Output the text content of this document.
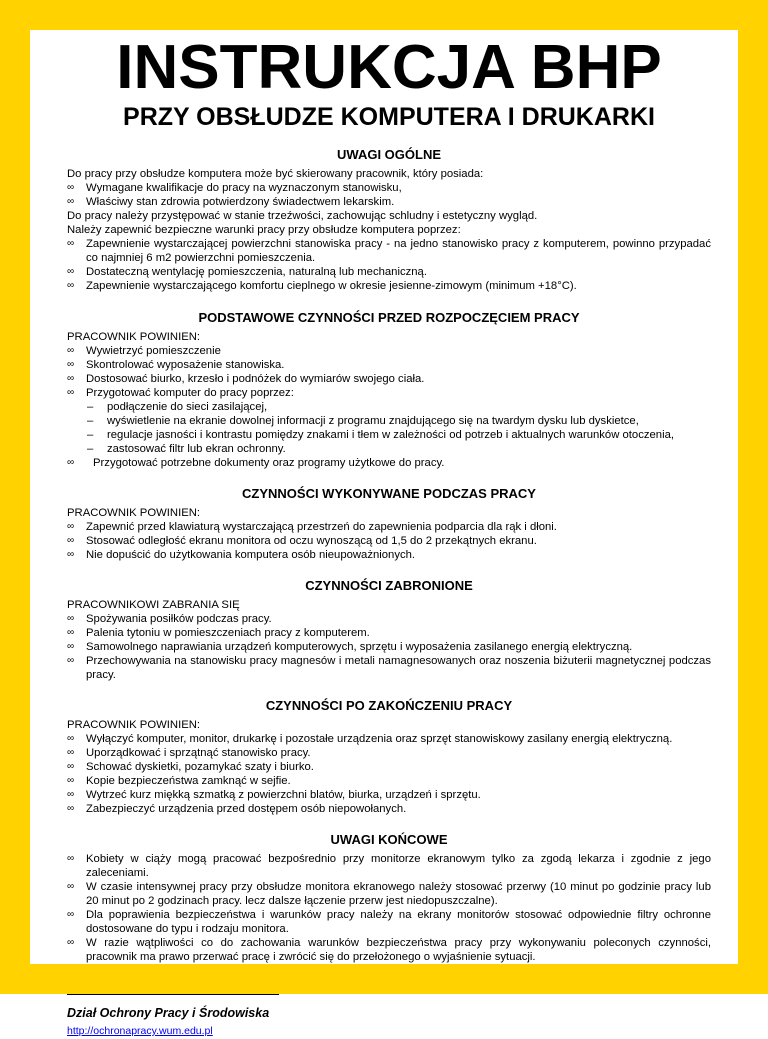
INSTRUKCJA BHP
PRZY OBSŁUDZE KOMPUTERA I DRUKARKI
UWAGI OGÓLNE
Do pracy przy obsłudze komputera może być skierowany pracownik, który posiada:
∞ Wymagane kwalifikacje do pracy na wyznaczonym stanowisku,
∞ Właściwy stan zdrowia potwierdzony świadectwem lekarskim.
Do pracy należy przystępować w stanie trzeźwości, zachowując schludny i estetyczny wygląd.
Należy zapewnić bezpieczne warunki pracy przy obsłudze komputera poprzez:
∞ Zapewnienie wystarczającej powierzchni stanowiska pracy - na jedno stanowisko pracy z komputerem, powinno przypadać co najmniej 6 m2 powierzchni pomieszczenia.
∞ Dostateczną wentylację pomieszczenia, naturalną lub mechaniczną.
∞ Zapewnienie wystarczającego komfortu cieplnego w okresie jesienne-zimowym (minimum +18°C).
PODSTAWOWE CZYNNOŚCI PRZED ROZPOCZĘCIEM PRACY
PRACOWNIK POWINIEN:
∞ Wywietrzyć pomieszczenie
∞ Skontrolować wyposażenie stanowiska.
∞ Dostosować biurko, krzesło i podnóżek do wymiarów swojego ciała.
∞ Przygotować komputer do pracy poprzez:
– podłączenie do sieci zasilającej,
– wyświetlenie na ekranie dowolnej informacji z programu znajdującego się na twardym dysku lub dyskietce,
– regulacje jasności i kontrastu pomiędzy znakami i tłem w zależności od potrzeb i aktualnych warunków otoczenia,
– zastosować filtr lub ekran ochronny.
∞ Przygotować potrzebne dokumenty oraz programy użytkowe do pracy.
CZYNNOŚCI WYKONYWANE PODCZAS PRACY
PRACOWNIK POWINIEN:
∞ Zapewnić przed klawiaturą wystarczającą przestrzeń do zapewnienia podparcia dla rąk i dłoni.
∞ Stosować odległość ekranu monitora od oczu wynoszącą od 1,5 do 2 przekątnych ekranu.
∞ Nie dopuścić do użytkowania komputera osób nieupoważnionych.
CZYNNOŚCI ZABRONIONE
PRACOWNIKOWI ZABRANIA SIĘ
∞ Spożywania posiłków podczas pracy.
∞ Palenia tytoniu w pomieszczeniach pracy z komputerem.
∞ Samowolnego naprawiania urządzeń komputerowych, sprzętu i wyposażenia zasilanego energią elektryczną.
∞ Przechowywania na stanowisku pracy magnesów i metali namagnesowanych oraz noszenia biżuterii magnetycznej podczas pracy.
CZYNNOŚCI PO ZAKOŃCZENIU PRACY
PRACOWNIK POWINIEN:
∞ Wyłączyć komputer, monitor, drukarkę i pozostałe urządzenia oraz sprzęt stanowiskowy zasilany energią elektryczną.
∞ Uporządkować i sprzątnąć stanowisko pracy.
∞ Schować dyskietki, pozamykać szaty i biurko.
∞ Kopie bezpieczeństwa zamknąć w sejfie.
∞ Wytrzeć kurz miękką szmatką z powierzchni blatów, biurka, urządzeń i sprzętu.
∞ Zabezpieczyć urządzenia przed dostępem osób niepowołanych.
UWAGI KOŃCOWE
∞ Kobiety w ciąży mogą pracować bezpośrednio przy monitorze ekranowym tylko za zgodą lekarza i zgodnie z jego zaleceniami.
∞ W czasie intensywnej pracy przy obsłudze monitora ekranowego należy stosować przerwy (10 minut po godzinie pracy lub 20 minut po 2 godzinach pracy. lecz dalsze łączenie przerw jest niedopuszczalne).
∞ Dla poprawienia bezpieczeństwa i warunków pracy należy na ekrany monitorów stosować odpowiednie filtry ochronne dostosowane do typu i rodzaju monitora.
∞ W razie wątpliwości co do zachowania warunków bezpieczeństwa pracy przy wykonywaniu poleconych czynności, pracownik ma prawo przerwać pracę i zwrócić się do przełożonego o wyjaśnienie sytuacji.
Dział Ochrony Pracy i Środowiska
http://ochronapracy.wum.edu.pl
